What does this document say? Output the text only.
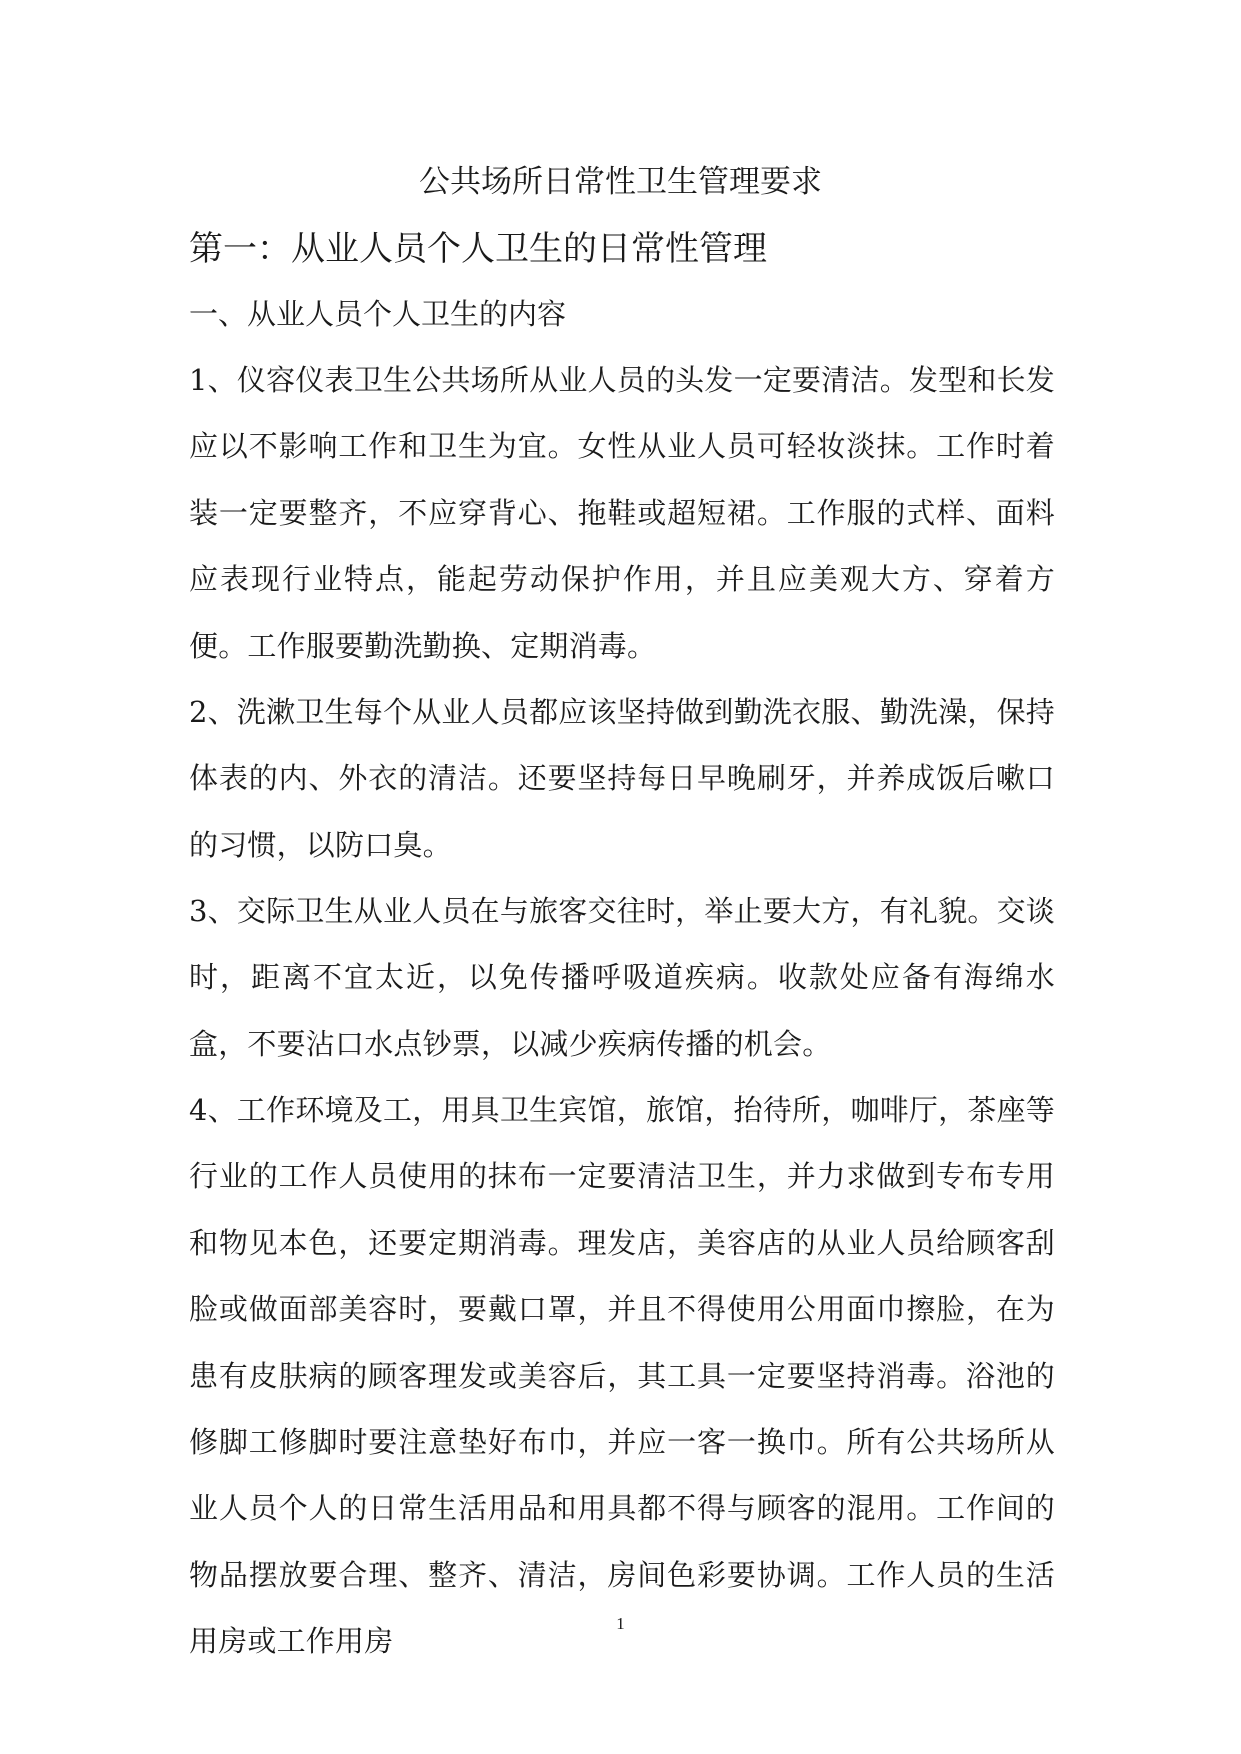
公共场所日常性卫生管理要求
第一：从业人员个人卫生的日常性管理
一、从业人员个人卫生的内容

1、仪容仪表卫生公共场所从业人员的头发一定要清洁。发型和长发应以不影响工作和卫生为宜。女性从业人员可轻妆淡抹。工作时着装一定要整齐，不应穿背心、拖鞋或超短裙。工作服的式样、面料应表现行业特点，能起劳动保护作用，并且应美观大方、穿着方便。工作服要勤洗勤换、定期消毒。

2、洗漱卫生每个从业人员都应该坚持做到勤洗衣服、勤洗澡，保持体表的内、外衣的清洁。还要坚持每日早晚刷牙，并养成饭后嗽口的习惯，以防口臭。

3、交际卫生从业人员在与旅客交往时，举止要大方，有礼貌。交谈时，距离不宜太近，以免传播呼吸道疾病。收款处应备有海绵水盒，不要沾口水点钞票，以减少疾病传播的机会。

4、工作环境及工，用具卫生宾馆，旅馆，抬待所，咖啡厅，茶座等行业的工作人员使用的抹布一定要清洁卫生，并力求做到专布专用和物见本色，还要定期消毒。理发店，美容店的从业人员给顾客刮脸或做面部美容时，要戴口罩，并且不得使用公用面巾擦脸，在为患有皮肤病的顾客理发或美容后，其工具一定要坚持消毒。浴池的修脚工修脚时要注意垫好布巾，并应一客一换巾。所有公共场所从业人员个人的日常生活用品和用具都不得与顾客的混用。工作间的物品摆放要合理、整齐、清洁，房间色彩要协调。工作人员的生活用房或工作用房

1
